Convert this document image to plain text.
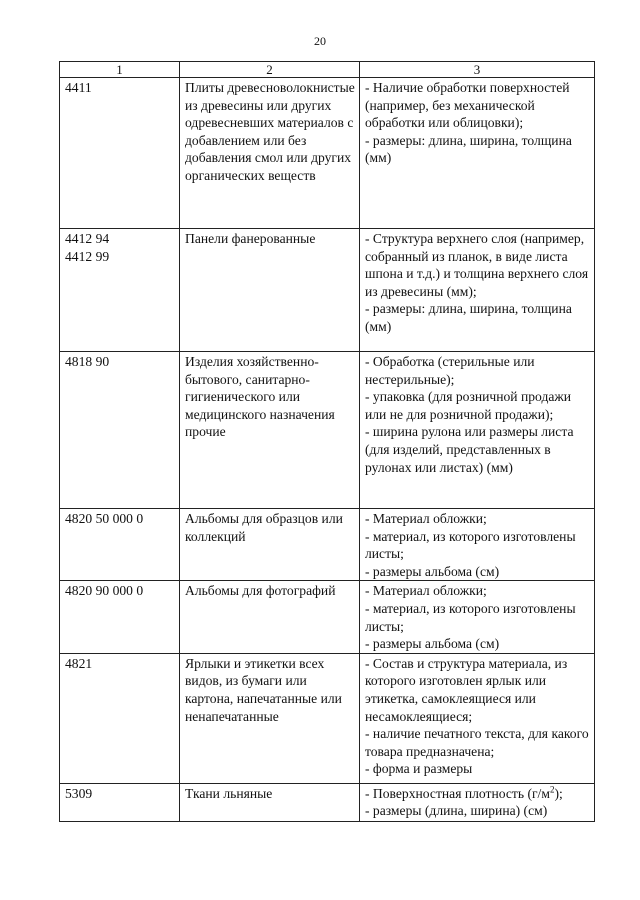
20
1	2	3

4411	Плиты древесноволокнистые из древесины или других одревесневших материалов с добавлением или без добавления смол или других органических веществ	- Наличие обработки поверхностей (например, без механической обработки или облицовки);
- размеры: длина, ширина, толщина (мм)

4412 94
4412 99	Панели фанерованные	- Структура верхнего слоя (например, собранный из планок, в виде листа шпона и т.д.) и толщина верхнего слоя из древесины (мм);
- размеры: длина, ширина, толщина (мм)

4818 90	Изделия хозяйственно-бытового, санитарно-гигиенического или медицинского назначения прочие	- Обработка (стерильные или нестерильные);
- упаковка (для розничной продажи или не для розничной продажи);
- ширина рулона или размеры листа (для изделий, представленных в рулонах или листах) (мм)

4820 50 000 0	Альбомы для образцов или коллекций	- Материал обложки;
- материал, из которого изготовлены листы;
- размеры альбома (см)

4820 90 000 0	Альбомы для фотографий	- Материал обложки;
- материал, из которого изготовлены листы;
- размеры альбома (см)

4821	Ярлыки и этикетки всех видов, из бумаги или картона, напечатанные или ненапечатанные	- Состав и структура материала, из которого изготовлен ярлык или этикетка, самоклеящиеся или несамоклеящиеся;
- наличие печатного текста, для какого товара предназначена;
- форма и размеры

5309	Ткани льняные	- Поверхностная плотность $(г/м^2)$;
- размеры (длина, ширина) (см)
